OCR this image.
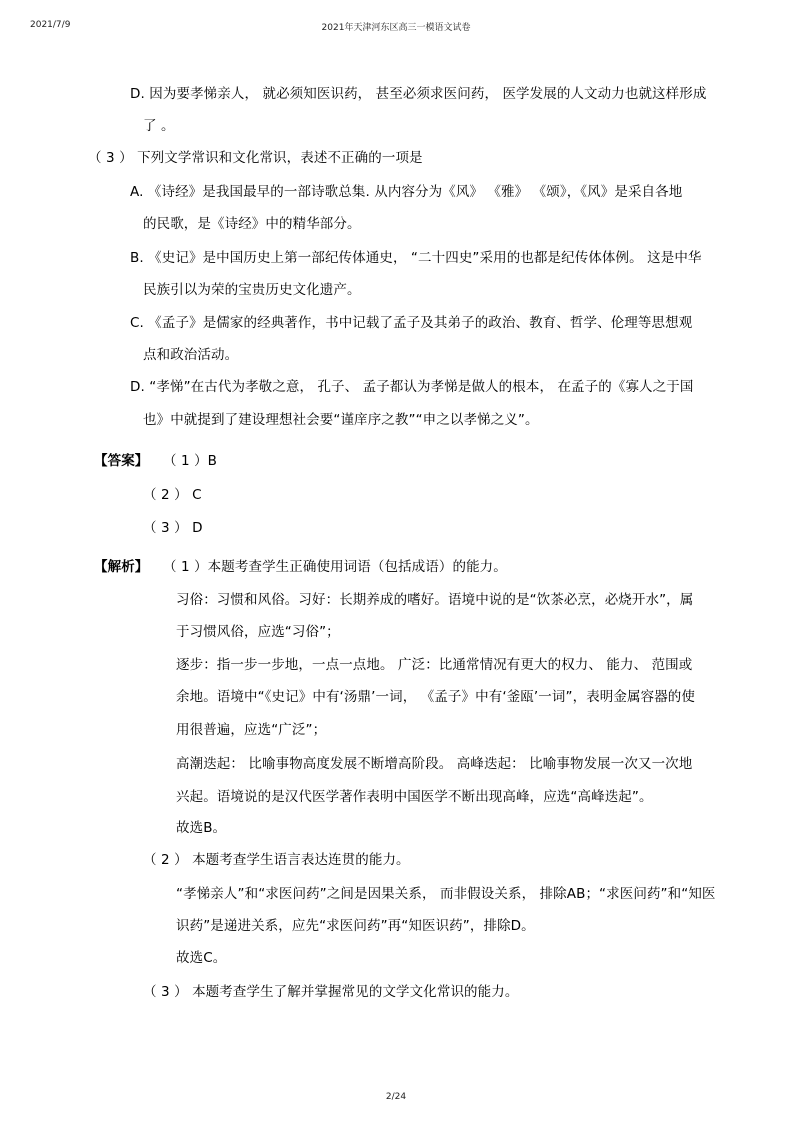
2021/7/9	2021年天津河东区高三一模语文试卷
D. 因为要孝悌亲人， 就必须知医识药， 甚至必须求医问药， 医学发展的人文动力也就这样形成
了 。
（ 3 ） 下列文学常识和文化常识，表述不正确的一项是
A. 《诗经》是我国最早的一部诗歌总集. 从内容分为《风》 《雅》 《颂》，《风》是采自各地
的民歌，是《诗经》中的精华部分。
B. 《史记》是中国历史上第一部纪传体通史， “二十四史”采用的也都是纪传体体例。 这是中华
民族引以为荣的宝贵历史文化遗产。
C. 《孟子》是儒家的经典著作，书中记载了孟子及其弟子的政治、教育、哲学、伦理等思想观
点和政治活动。
D. “孝悌”在古代为孝敬之意， 孔子、 孟子都认为孝悌是做人的根本， 在孟子的《寡人之于国
也》中就提到了建设理想社会要“谨庠序之教”“申之以孝悌之义”。
【答案】 （ 1 ）B
（ 2 ） C
（ 3 ） D
【解析】 （ 1 ）本题考查学生正确使用词语（包括成语）的能力。
习俗：习惯和风俗。习好：长期养成的嗜好。语境中说的是“饮茶必烹，必烧开水”，属
于习惯风俗，应选“习俗”；
逐步：指一步一步地，一点一点地。 广泛：比通常情况有更大的权力、 能力、 范围或
余地。语境中“《史记》中有‘汤鼎’一词， 《孟子》中有‘釜瓯’一词”，表明金属容器的使
用很普遍，应选“广泛”；
高潮迭起： 比喻事物高度发展不断增高阶段。 高峰迭起： 比喻事物发展一次又一次地
兴起。语境说的是汉代医学著作表明中国医学不断出现高峰，应选“高峰迭起”。
故选B。
（ 2 ） 本题考查学生语言表达连贯的能力。
“孝悌亲人”和“求医问药”之间是因果关系， 而非假设关系， 排除AB；“求医问药”和“知医
识药”是递进关系，应先“求医问药”再“知医识药”，排除D。
故选C。
（ 3 ） 本题考查学生了解并掌握常见的文学文化常识的能力。
2/24
